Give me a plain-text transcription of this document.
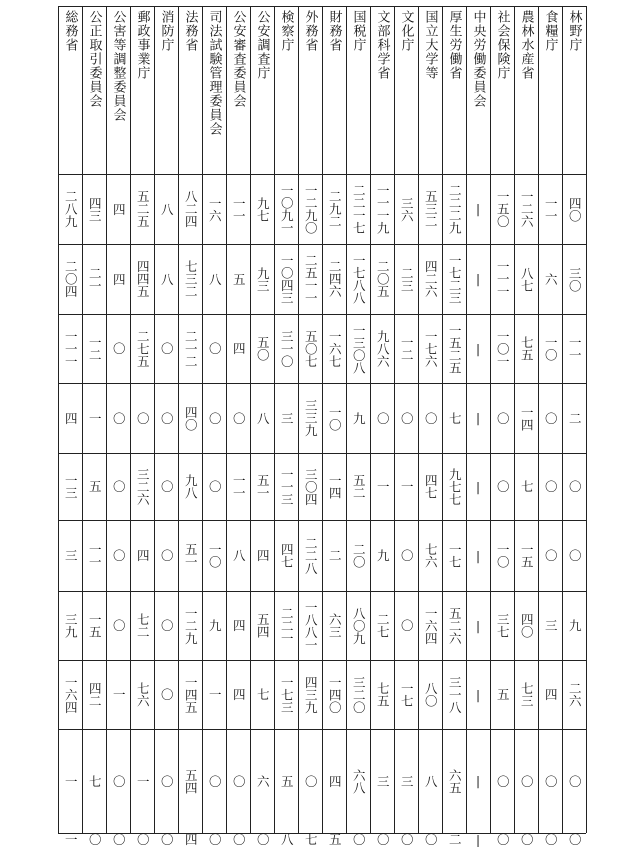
林野庁
四〇
三〇
一一
二
〇
〇
九
二六
〇
〇
食糧庁
一一
六
一〇
〇
〇
〇
三
四
〇
〇
農林水産省
一二六
八七
七五
一四
七
一五
四〇
七三
〇
〇
社会保険庁
一五〇
一一一
一〇一
〇
〇
一〇
三七
五
〇
〇
中央労働委員会
|
|
|
|
|
|
|
|
|
|
厚生労働省
二二二九
一七二三
一五二五
七
九七七
一七
五二六
三一八
六五
二
国立大学等
五三二
四二六
一七六
〇
四七
七六
一六四
八〇
八
〇
文化庁
三六
二三
一二
〇
一
〇
〇
一七
三
〇
文部科学省
一一一九
二〇五
九八六
〇
一
九
二七
七五
三
〇
国税庁
二二一七
一七八八
一三〇八
九
五二
二〇
八〇九
三二〇
六八
〇
財務省
二九二
二四六
一六七
一〇
一四
二
六三
一四〇
四
五
外務省
一二九〇
二五一一
五〇七
三三九
三〇四
二二八
一八八一
四三九
〇
七
検察庁
一〇九一
一〇四三
三一〇
三
一一三
四七
二二一
一七三
五
八
公安調査庁
九七
九三
五〇
八
五一
四
五四
七
六
〇
公安審査委員会
一一
五
四
〇
一一
八
四
四
〇
〇
司法試験管理委員会
一六
八
〇
〇
〇
一〇
九
一
〇
〇
法務省
八二四
七三二
二一二
四〇
九八
五一
一二九
一四五
五四
四
消防庁
八
八
〇
〇
〇
〇
〇
〇
〇
〇
郵政事業庁
五二五
四四五
二七五
〇
三二六
四
七二
七六
一
〇
公害等調整委員会
四
四
〇
〇
〇
〇
〇
一
〇
〇
公正取引委員会
四三
二一
一二
一
五
一一
一五
四二
七
〇
総務省
二八九
二〇四
一一一
四
一三
三
三九
一六四
一
一
